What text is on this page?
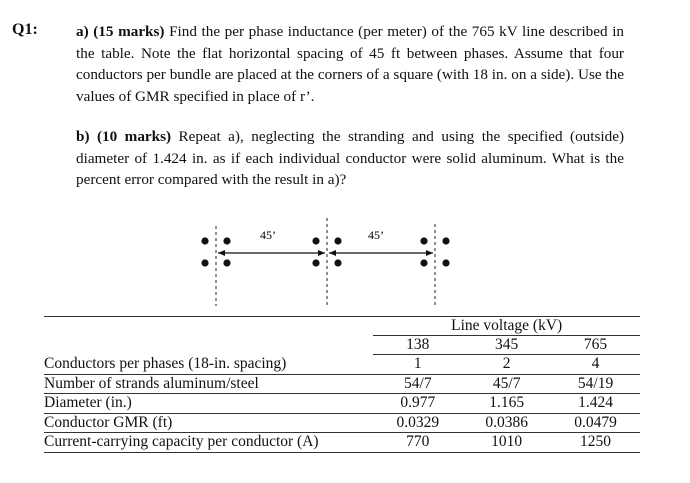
Q1:	a) (15 marks) Find the per phase inductance (per meter) of the 765 kV line described in the table. Note the flat horizontal spacing of 45 ft between phases. Assume that four conductors per bundle are placed at the corners of a square (with 18 in. on a side). Use the values of GMR specified in place of r’.
b) (10 marks) Repeat a), neglecting the stranding and using the specified (outside) diameter of 1.424 in. as if each individual conductor were solid aluminum. What is the percent error compared with the result in a)?
45’	45’
	Line voltage (kV)		
	138	345	765
Conductors per phases (18-in. spacing)	1	2	4
Number of strands aluminum/steel	54/7	45/7	54/19
Diameter (in.)	0.977	1.165	1.424
Conductor GMR (ft)	0.0329	0.0386	0.0479
Current-carrying capacity per conductor (A)	770	1010	1250
